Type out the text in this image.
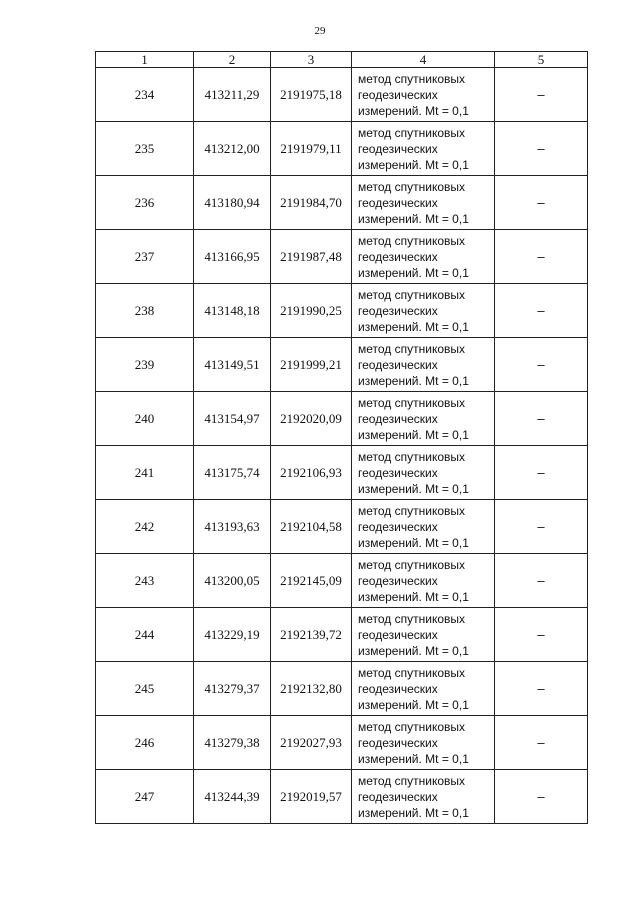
29
1	2	3	4	5
234	413211,29	2191975,18	метод спутниковых
геодезических
измерений. Mt = 0,1	–
235	413212,00	2191979,11	метод спутниковых
геодезических
измерений. Mt = 0,1	–
236	413180,94	2191984,70	метод спутниковых
геодезических
измерений. Mt = 0,1	–
237	413166,95	2191987,48	метод спутниковых
геодезических
измерений. Mt = 0,1	–
238	413148,18	2191990,25	метод спутниковых
геодезических
измерений. Mt = 0,1	–
239	413149,51	2191999,21	метод спутниковых
геодезических
измерений. Mt = 0,1	–
240	413154,97	2192020,09	метод спутниковых
геодезических
измерений. Mt = 0,1	–
241	413175,74	2192106,93	метод спутниковых
геодезических
измерений. Mt = 0,1	–
242	413193,63	2192104,58	метод спутниковых
геодезических
измерений. Mt = 0,1	–
243	413200,05	2192145,09	метод спутниковых
геодезических
измерений. Mt = 0,1	–
244	413229,19	2192139,72	метод спутниковых
геодезических
измерений. Mt = 0,1	–
245	413279,37	2192132,80	метод спутниковых
геодезических
измерений. Mt = 0,1	–
246	413279,38	2192027,93	метод спутниковых
геодезических
измерений. Mt = 0,1	–
247	413244,39	2192019,57	метод спутниковых
геодезических
измерений. Mt = 0,1	–
